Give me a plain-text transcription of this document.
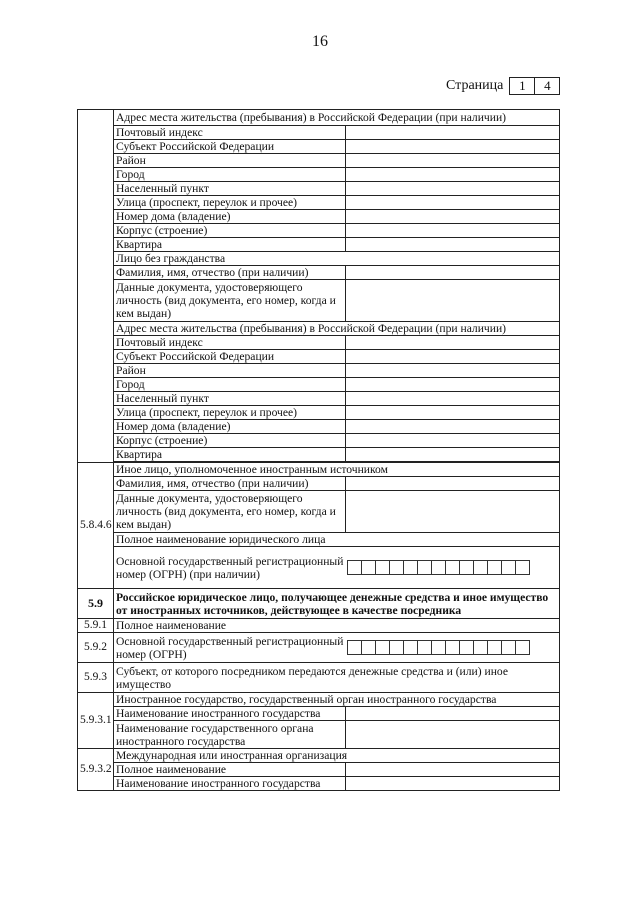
16
Страница	1	4
	Адрес места жительства (пребывания) в Российской Федерации (при наличии)	
	Почтовый индекс	
	Субъект Российской Федерации	
	Район	
	Город	
	Населенный пункт	
	Улица (проспект, переулок и прочее)	
	Номер дома (владение)	
	Корпус (строение)	
	Квартира	
	Лицо без гражданства	
	Фамилия, имя, отчество (при наличии)	
	Данные документа, удостоверяющего личность (вид документа, его номер, когда и кем выдан)	
	Адрес места жительства (пребывания) в Российской Федерации (при наличии)	
	Почтовый индекс	
	Субъект Российской Федерации	
	Район	
	Город	
	Населенный пункт	
	Улица (проспект, переулок и прочее)	
	Номер дома (владение)	
	Корпус (строение)	
	Квартира	

5.8.4.6	Иное лицо, уполномоченное иностранным источником	
	Фамилия, имя, отчество (при наличии)	
	Данные документа, удостоверяющего личность (вид документа, его номер, когда и кем выдан)	
	Полное наименование юридического лица	
	Основной государственный регистрационный номер (ОГРН) (при наличии)	

5.9	Российское юридическое лицо, получающее денежные средства и иное имущество от иностранных источников, действующее в качестве посредника	
5.9.1	Полное наименование	
5.9.2	Основной государственный регистрационный номер (ОГРН)	

5.9.3	Субъект, от которого посредником передаются денежные средства и (или) иное имущество	
5.9.3.1	Иностранное государство, государственный орган иностранного государства	
	Наименование иностранного государства	
	Наименование государственного органа иностранного государства	
5.9.3.2	Международная или иностранная организация	
	Полное наименование	
	Наименование иностранного государства	
